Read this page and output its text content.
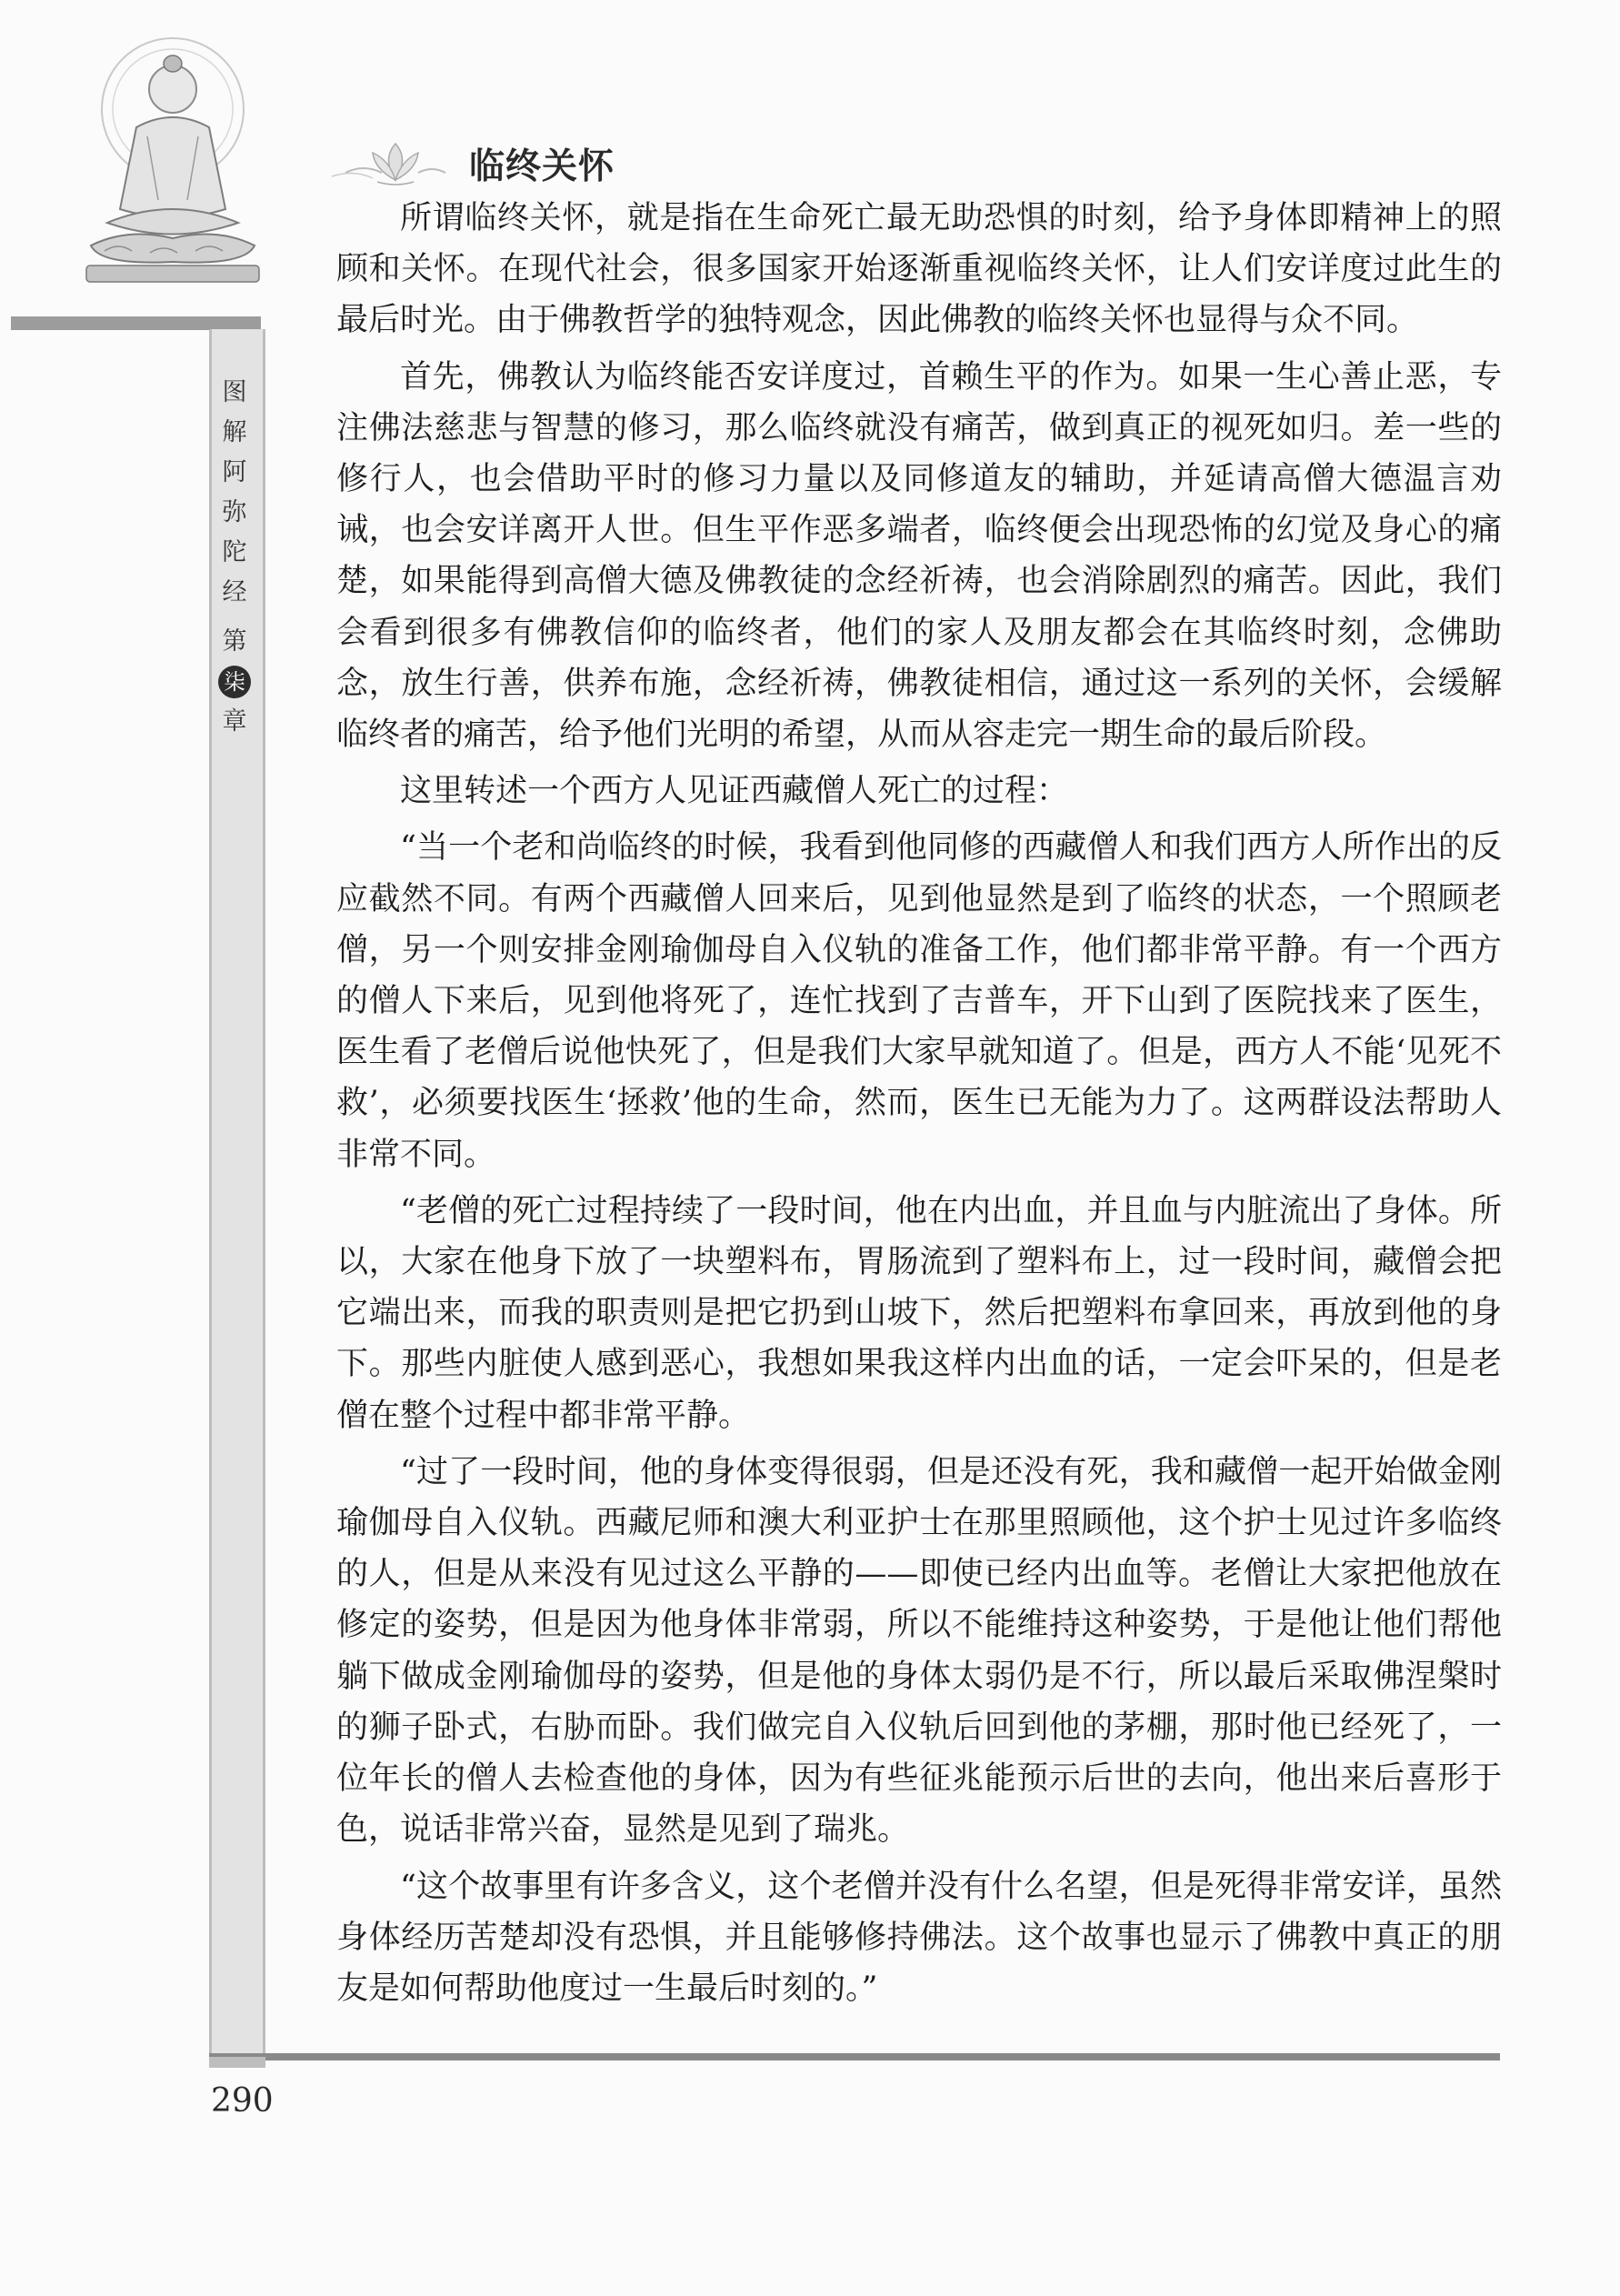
图
解
阿
弥
陀
经
第
柒
章
临终关怀

所谓临终关怀，就是指在生命死亡最无助恐惧的时刻，给予身体即精神上的照顾和关怀。在现代社会，很多国家开始逐渐重视临终关怀，让人们安详度过此生的最后时光。由于佛教哲学的独特观念，因此佛教的临终关怀也显得与众不同。

首先，佛教认为临终能否安详度过，首赖生平的作为。如果一生心善止恶，专注佛法慈悲与智慧的修习，那么临终就没有痛苦，做到真正的视死如归。差一些的修行人，也会借助平时的修习力量以及同修道友的辅助，并延请高僧大德温言劝诫，也会安详离开人世。但生平作恶多端者，临终便会出现恐怖的幻觉及身心的痛楚，如果能得到高僧大德及佛教徒的念经祈祷，也会消除剧烈的痛苦。因此，我们会看到很多有佛教信仰的临终者，他们的家人及朋友都会在其临终时刻，念佛助念，放生行善，供养布施，念经祈祷，佛教徒相信，通过这一系列的关怀，会缓解临终者的痛苦，给予他们光明的希望，从而从容走完一期生命的最后阶段。

这里转述一个西方人见证西藏僧人死亡的过程：

“当一个老和尚临终的时候，我看到他同修的西藏僧人和我们西方人所作出的反应截然不同。有两个西藏僧人回来后，见到他显然是到了临终的状态，一个照顾老僧，另一个则安排金刚瑜伽母自入仪轨的准备工作，他们都非常平静。有一个西方的僧人下来后，见到他将死了，连忙找到了吉普车，开下山到了医院找来了医生，医生看了老僧后说他快死了，但是我们大家早就知道了。但是，西方人不能‘见死不救’，必须要找医生‘拯救’他的生命，然而，医生已无能为力了。这两群设法帮助人非常不同。

“老僧的死亡过程持续了一段时间，他在内出血，并且血与内脏流出了身体。所以，大家在他身下放了一块塑料布，胃肠流到了塑料布上，过一段时间，藏僧会把它端出来，而我的职责则是把它扔到山坡下，然后把塑料布拿回来，再放到他的身下。那些内脏使人感到恶心，我想如果我这样内出血的话，一定会吓呆的，但是老僧在整个过程中都非常平静。

“过了一段时间，他的身体变得很弱，但是还没有死，我和藏僧一起开始做金刚瑜伽母自入仪轨。西藏尼师和澳大利亚护士在那里照顾他，这个护士见过许多临终的人，但是从来没有见过这么平静的——即使已经内出血等。老僧让大家把他放在修定的姿势，但是因为他身体非常弱，所以不能维持这种姿势，于是他让他们帮他躺下做成金刚瑜伽母的姿势，但是他的身体太弱仍是不行，所以最后采取佛涅槃时的狮子卧式，右胁而卧。我们做完自入仪轨后回到他的茅棚，那时他已经死了，一位年长的僧人去检查他的身体，因为有些征兆能预示后世的去向，他出来后喜形于色，说话非常兴奋，显然是见到了瑞兆。

“这个故事里有许多含义，这个老僧并没有什么名望，但是死得非常安详，虽然身体经历苦楚却没有恐惧，并且能够修持佛法。这个故事也显示了佛教中真正的朋友是如何帮助他度过一生最后时刻的。”

290
